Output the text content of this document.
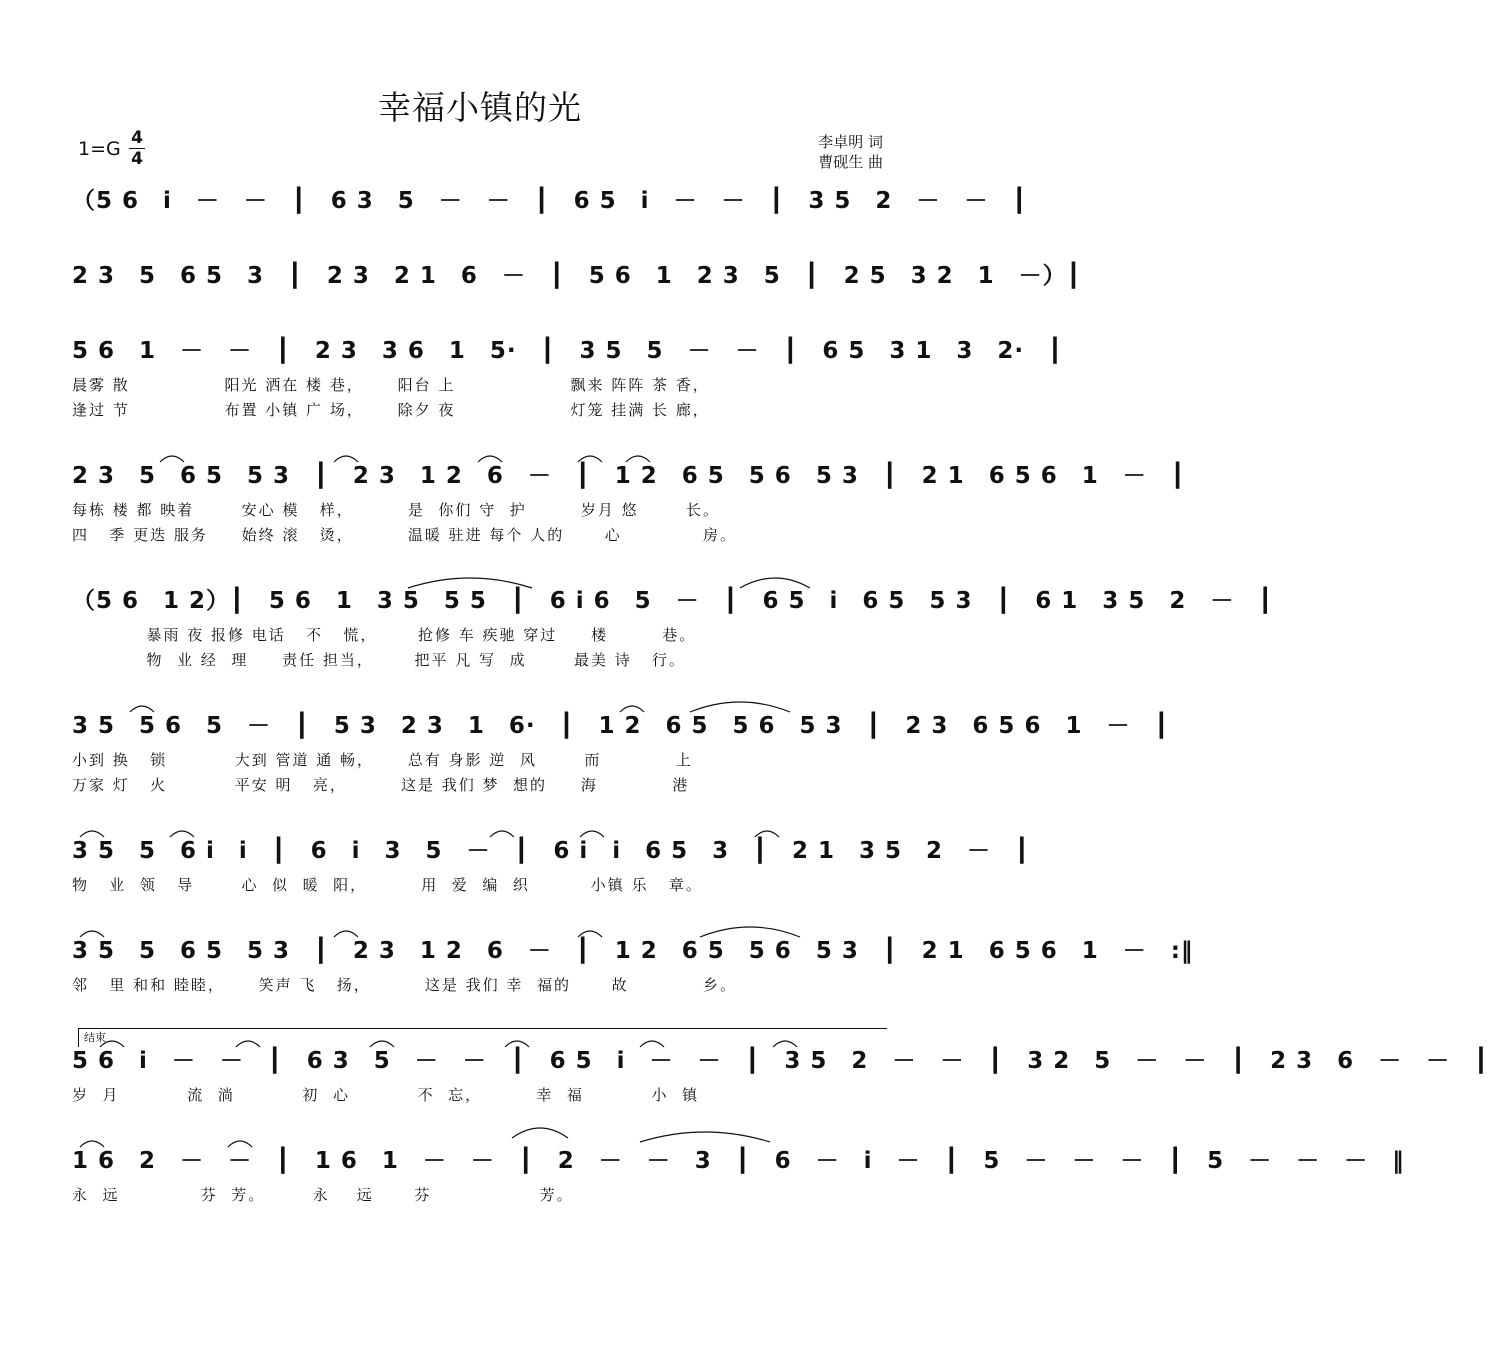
幸福小镇的光
1=G 4
4
李卓明 词
曹砚生 曲
（5 6　i　－　－　┃　6 3　5　－　－　┃　6 5　i　－　－　┃　3 5　2　－　－　┃
2 3　5　6 5　3　┃　2 3　2 1　6　－　┃　5 6　1　2 3　5　┃　2 5　3 2　1　－）┃
5 6　1　－　－　┃　2 3　3 6　1　5·　┃　3 5　5　－　－　┃　6 5　3 1　3　2·　┃
晨雾 散              阳光 洒在 楼 巷，     阳台 上                 飘来 阵阵 茶 香，
逢过 节              布置 小镇 广 场，     除夕 夜                 灯笼 挂满 长 廊，
2 3　5　6 5　5 3　┃　2 3　1 2　6　－　┃　1 2　6 5　5 6　5 3　┃　2 1　6 5 6　1　－　┃
每栋 楼 都 映着       安心 模   样，        是  你们 守  护        岁月 悠       长。
四   季 更迭 服务     始终 滚   烫，        温暖 驻进 每个 人的      心            房。
（5 6　1 2）┃　5 6　1　3 5　5 5　┃　6 i 6　5　－　┃　6 5　i　6 5　5 3　┃　6 1　3 5　2　－　┃
暴雨 夜 报修 电话   不   慌，      抢修 车 疾驰 穿过     楼        巷。
物  业 经  理     责任 担当，      把平 凡 写  成       最美 诗   行。
3 5　5 6　5　－　┃　5 3　2 3　1　6·　┃　1 2　6 5　5 6　5 3　┃　2 3　6 5 6　1　－　┃
小到 换   锁          大到 管道 通 畅，     总有 身影 逆  风       而           上
万家 灯   火          平安 明   亮，        这是 我们 梦  想的     海           港
3 5　5　6 i　i　┃　6　i　3　5　－　┃　6 i　i　6 5　3　┃　2 1　3 5　2　－　┃
物   业  领   导       心  似  暖  阳，        用  爱  编  织         小镇 乐   章。
3 5　5　6 5　5 3　┃　2 3　1 2　6　－　┃　1 2　6 5　5 6　5 3　┃　2 1　6 5 6　1　－　:‖
邻   里 和和 睦睦，     笑声 飞   扬，        这是 我们 幸  福的      故           乡。
结束
5 6　i　－　－　┃　6 3　5　－　－　┃　6 5　i　－　－　┃　3 5　2　－　－　┃　3 2　5　－　－　┃　2 3　6　－　－　┃
岁  月          流  淌          初  心          不  忘，        幸  福          小  镇
1 6　2　－　－　┃　1 6　1　－　－　┃　2　－　－　3　┃　6　－　i　－　┃　5　－　－　－　┃　5　－　－　－　‖
永  远            芬  芳。       永    远      芬                芳。
